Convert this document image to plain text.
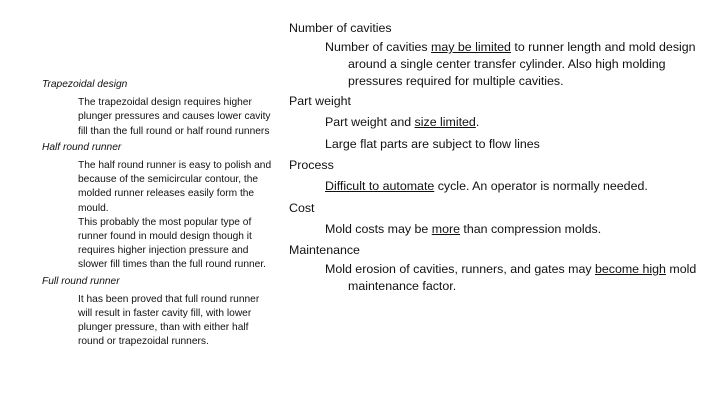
Trapezoidal design

The trapezoidal design requires higher plunger pressures and causes lower cavity fill than the full round or half round runners

Half round runner

The half round runner is easy to polish and because of the semicircular contour, the molded runner releases easily form the mould.

This probably the most popular type of runner found in mould design though it requires higher injection pressure and slower fill times than the full round runner.

Full round runner

It has been proved that full round runner will result in faster cavity fill, with lower plunger pressure, than with either half round or trapezoidal runners.

Number of cavities

Number of cavities may be limited to runner length and mold design around a single center transfer cylinder. Also high molding pressures required for multiple cavities.

Part weight

Part weight and size limited.

Large flat parts are subject to flow lines

Process

Difficult to automate cycle. An operator is normally needed.

Cost

Mold costs may be more than compression molds.

Maintenance

Mold erosion of cavities, runners, and gates may become high mold maintenance factor.
